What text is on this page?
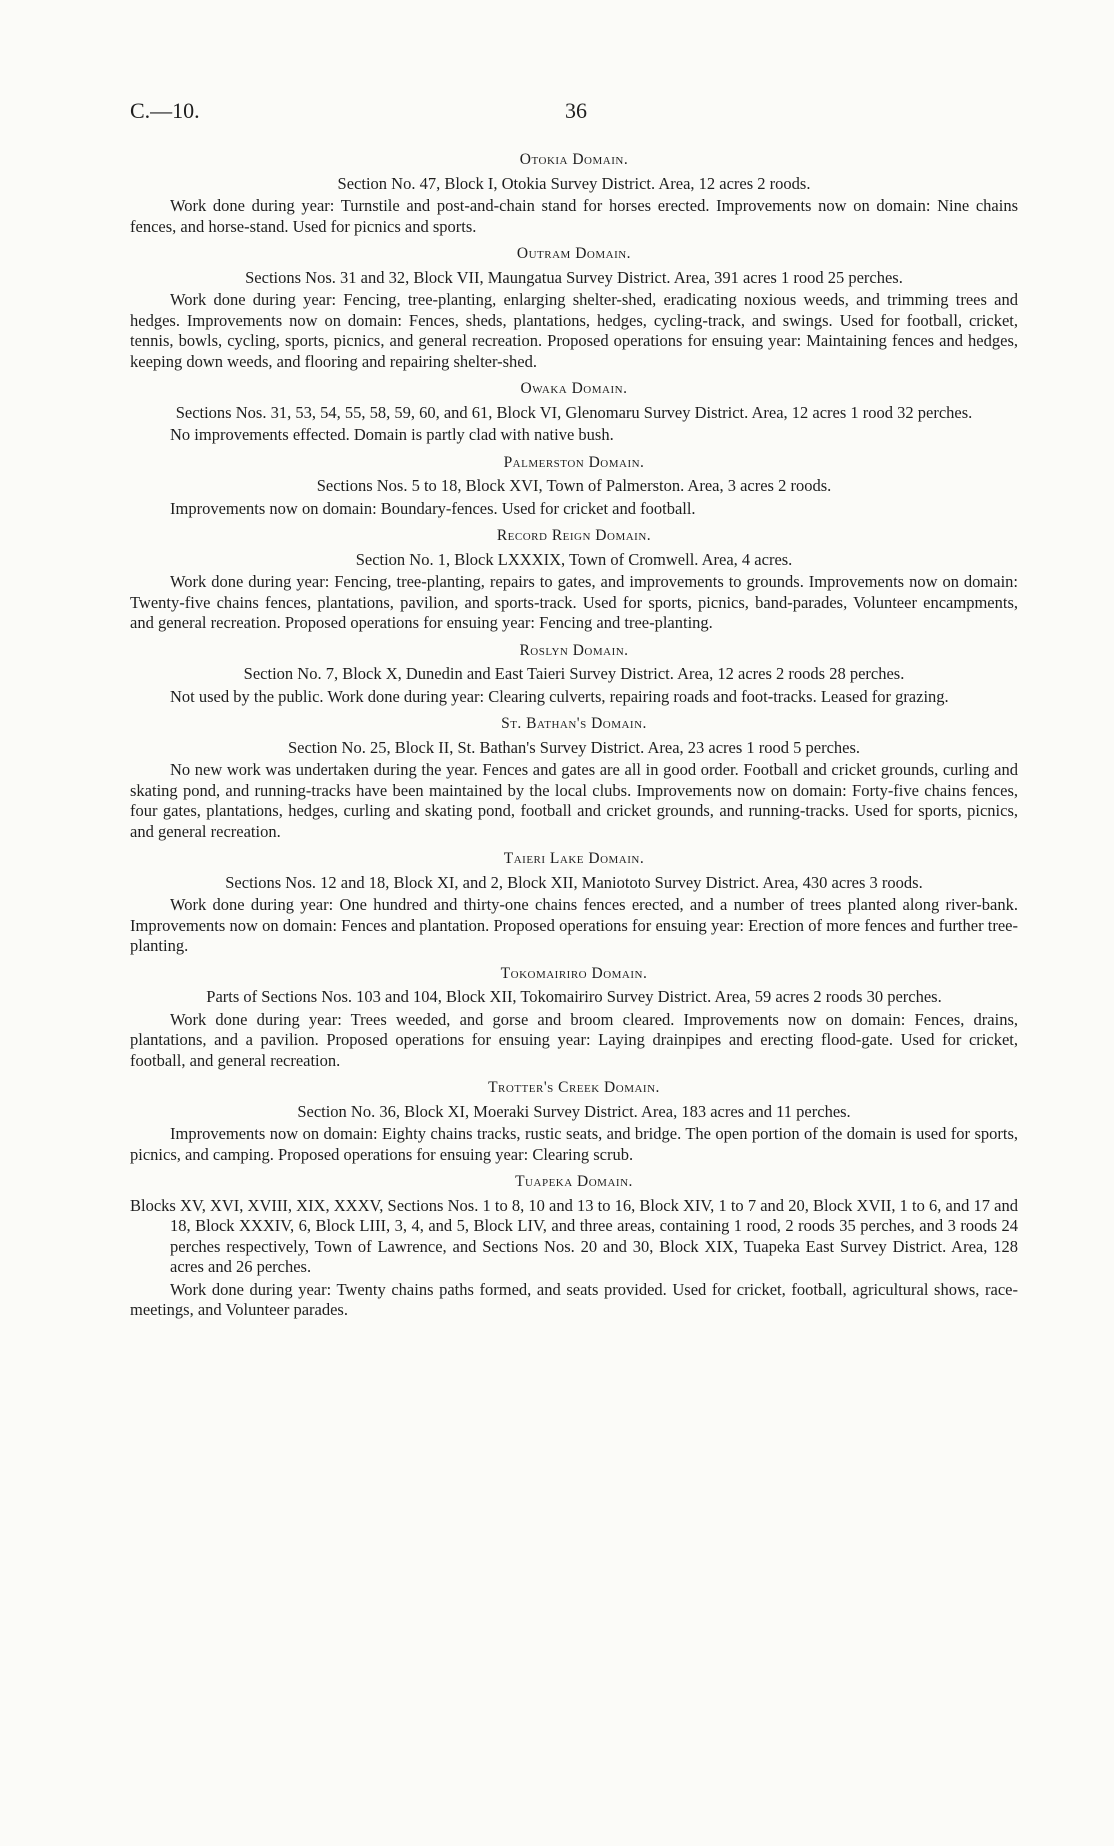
C.—10.	36
Otokia Domain.
Section No. 47, Block I, Otokia Survey District. Area, 12 acres 2 roods.
Work done during year: Turnstile and post-and-chain stand for horses erected. Improvements now on domain: Nine chains fences, and horse-stand. Used for picnics and sports.
Outram Domain.
Sections Nos. 31 and 32, Block VII, Maungatua Survey District. Area, 391 acres 1 rood 25 perches.
Work done during year: Fencing, tree-planting, enlarging shelter-shed, eradicating noxious weeds, and trimming trees and hedges. Improvements now on domain: Fences, sheds, plantations, hedges, cycling-track, and swings. Used for football, cricket, tennis, bowls, cycling, sports, picnics, and general recreation. Proposed operations for ensuing year: Maintaining fences and hedges, keeping down weeds, and flooring and repairing shelter-shed.
Owaka Domain.
Sections Nos. 31, 53, 54, 55, 58, 59, 60, and 61, Block VI, Glenomaru Survey District. Area, 12 acres 1 rood 32 perches.
No improvements effected. Domain is partly clad with native bush.
Palmerston Domain.
Sections Nos. 5 to 18, Block XVI, Town of Palmerston. Area, 3 acres 2 roods.
Improvements now on domain: Boundary-fences. Used for cricket and football.
Record Reign Domain.
Section No. 1, Block LXXXIX, Town of Cromwell. Area, 4 acres.
Work done during year: Fencing, tree-planting, repairs to gates, and improvements to grounds. Improvements now on domain: Twenty-five chains fences, plantations, pavilion, and sports-track. Used for sports, picnics, band-parades, Volunteer encampments, and general recreation. Proposed operations for ensuing year: Fencing and tree-planting.
Roslyn Domain.
Section No. 7, Block X, Dunedin and East Taieri Survey District. Area, 12 acres 2 roods 28 perches.
Not used by the public. Work done during year: Clearing culverts, repairing roads and foot-tracks. Leased for grazing.
St. Bathan's Domain.
Section No. 25, Block II, St. Bathan's Survey District. Area, 23 acres 1 rood 5 perches.
No new work was undertaken during the year. Fences and gates are all in good order. Football and cricket grounds, curling and skating pond, and running-tracks have been maintained by the local clubs. Improvements now on domain: Forty-five chains fences, four gates, plantations, hedges, curling and skating pond, football and cricket grounds, and running-tracks. Used for sports, picnics, and general recreation.
Taieri Lake Domain.
Sections Nos. 12 and 18, Block XI, and 2, Block XII, Maniototo Survey District. Area, 430 acres 3 roods.
Work done during year: One hundred and thirty-one chains fences erected, and a number of trees planted along river-bank. Improvements now on domain: Fences and plantation. Proposed operations for ensuing year: Erection of more fences and further tree-planting.
Tokomairiro Domain.
Parts of Sections Nos. 103 and 104, Block XII, Tokomairiro Survey District. Area, 59 acres 2 roods 30 perches.
Work done during year: Trees weeded, and gorse and broom cleared. Improvements now on domain: Fences, drains, plantations, and a pavilion. Proposed operations for ensuing year: Laying drainpipes and erecting flood-gate. Used for cricket, football, and general recreation.
Trotter's Creek Domain.
Section No. 36, Block XI, Moeraki Survey District. Area, 183 acres and 11 perches.
Improvements now on domain: Eighty chains tracks, rustic seats, and bridge. The open portion of the domain is used for sports, picnics, and camping. Proposed operations for ensuing year: Clearing scrub.
Tuapeka Domain.
Blocks XV, XVI, XVIII, XIX, XXXV, Sections Nos. 1 to 8, 10 and 13 to 16, Block XIV, 1 to 7 and 20, Block XVII, 1 to 6, and 17 and 18, Block XXXIV, 6, Block LIII, 3, 4, and 5, Block LIV, and three areas, containing 1 rood, 2 roods 35 perches, and 3 roods 24 perches respectively, Town of Lawrence, and Sections Nos. 20 and 30, Block XIX, Tuapeka East Survey District. Area, 128 acres and 26 perches.
Work done during year: Twenty chains paths formed, and seats provided. Used for cricket, football, agricultural shows, race-meetings, and Volunteer parades.
